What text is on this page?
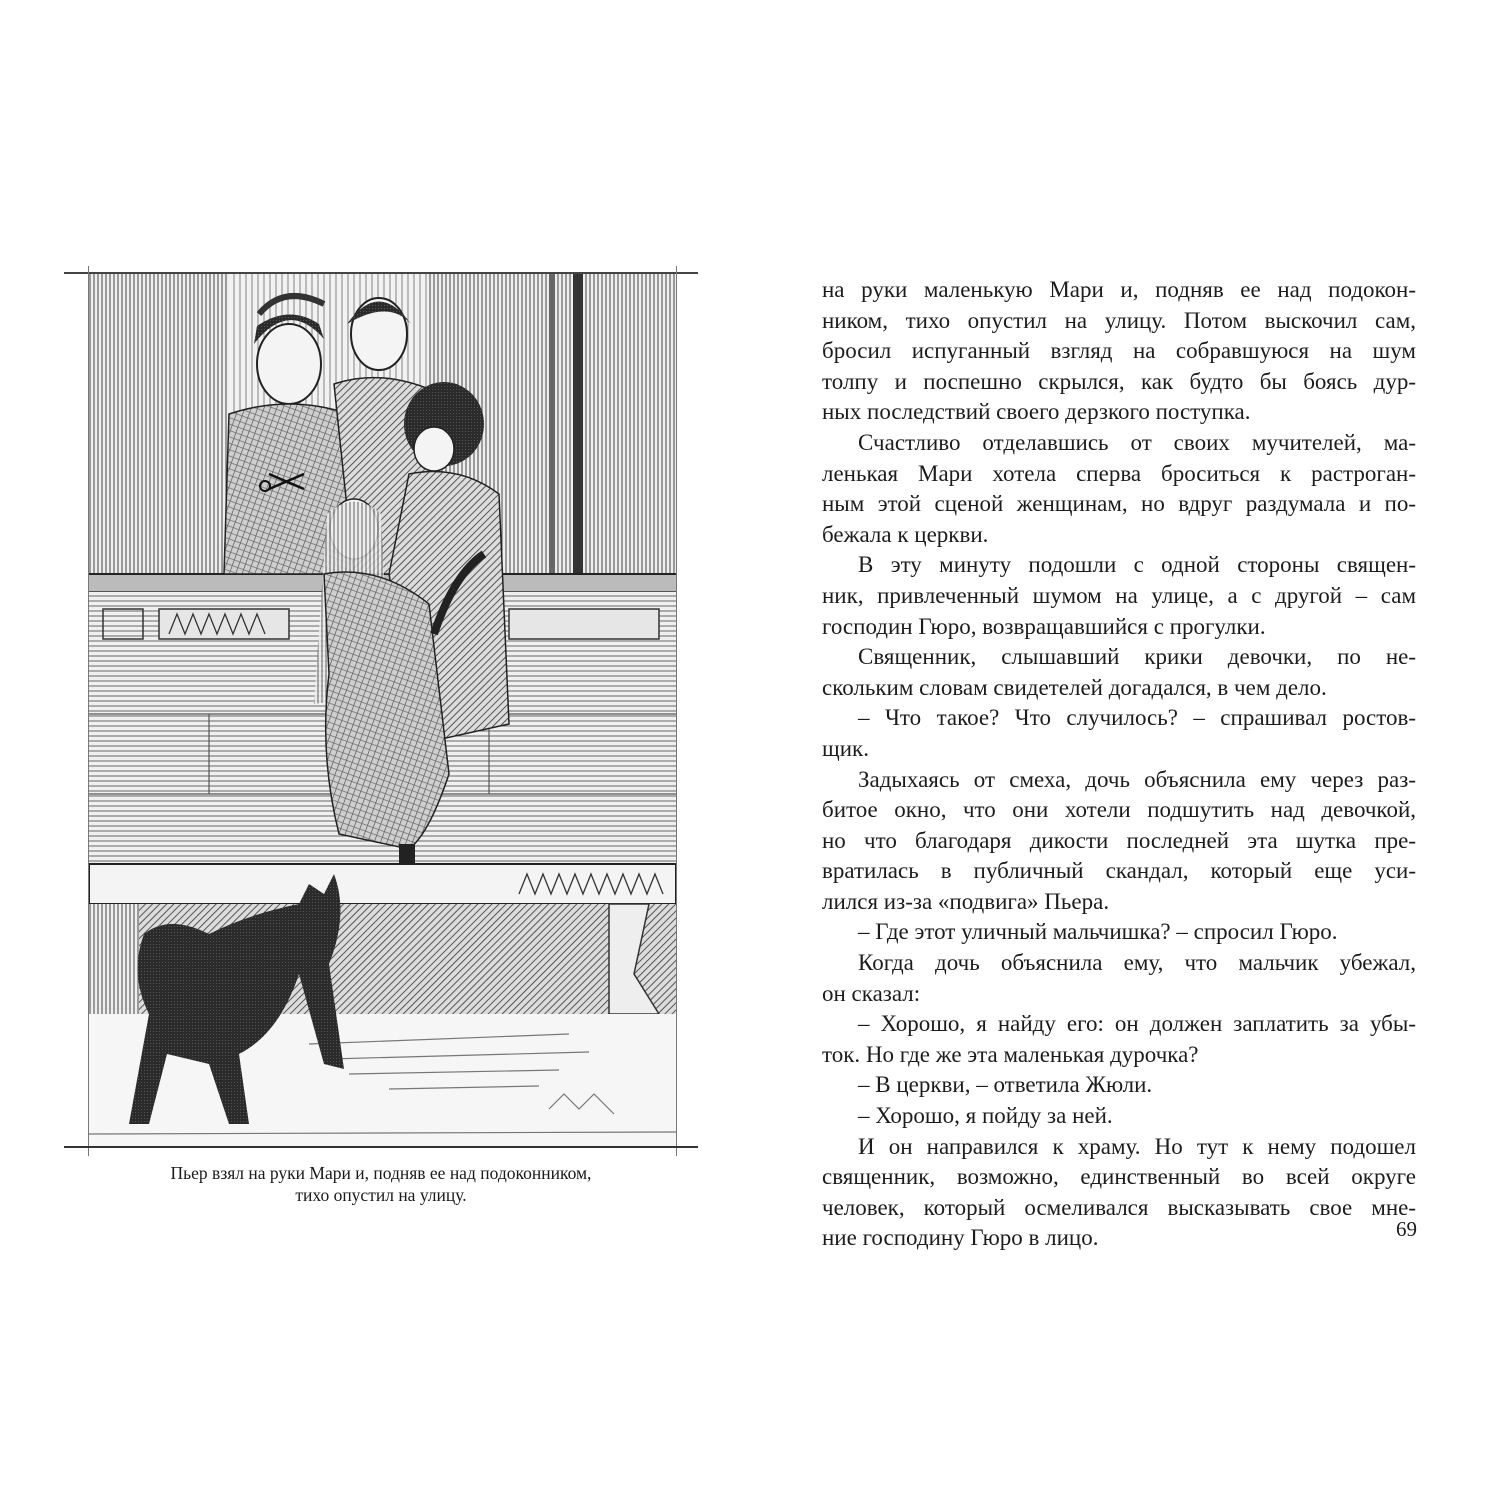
Пьер взял на руки Мари и, подняв ее над подоконником,
тихо опустил на улицу.
на руки маленькую Мари и, подняв ее над подокон-
ником, тихо опустил на улицу. Потом выскочил сам,
бросил испуганный взгляд на собравшуюся на шум
толпу и поспешно скрылся, как будто бы боясь дур-
ных последствий своего дерзкого поступка.
Счастливо отделавшись от своих мучителей, ма-
ленькая Мари хотела сперва броситься к растроган-
ным этой сценой женщинам, но вдруг раздумала и по-
бежала к церкви.
В эту минуту подошли с одной стороны священ-
ник, привлеченный шумом на улице, а с другой – сам
господин Гюро, возвращавшийся с прогулки.
Священник, слышавший крики девочки, по не-
скольким словам свидетелей догадался, в чем дело.
– Что такое? Что случилось? – спрашивал ростов-
щик.
Задыхаясь от смеха, дочь объяснила ему через раз-
битое окно, что они хотели подшутить над девочкой,
но что благодаря дикости последней эта шутка пре-
вратилась в публичный скандал, который еще уси-
лился из-за «подвига» Пьера.
– Где этот уличный мальчишка? – спросил Гюро.
Когда дочь объяснила ему, что мальчик убежал,
он сказал:
– Хорошо, я найду его: он должен заплатить за убы-
ток. Но где же эта маленькая дурочка?
– В церкви, – ответила Жюли.
– Хорошо, я пойду за ней.
И он направился к храму. Но тут к нему подошел
священник, возможно, единственный во всей округе
человек, который осмеливался высказывать свое мне-
ние господину Гюро в лицо.	69
